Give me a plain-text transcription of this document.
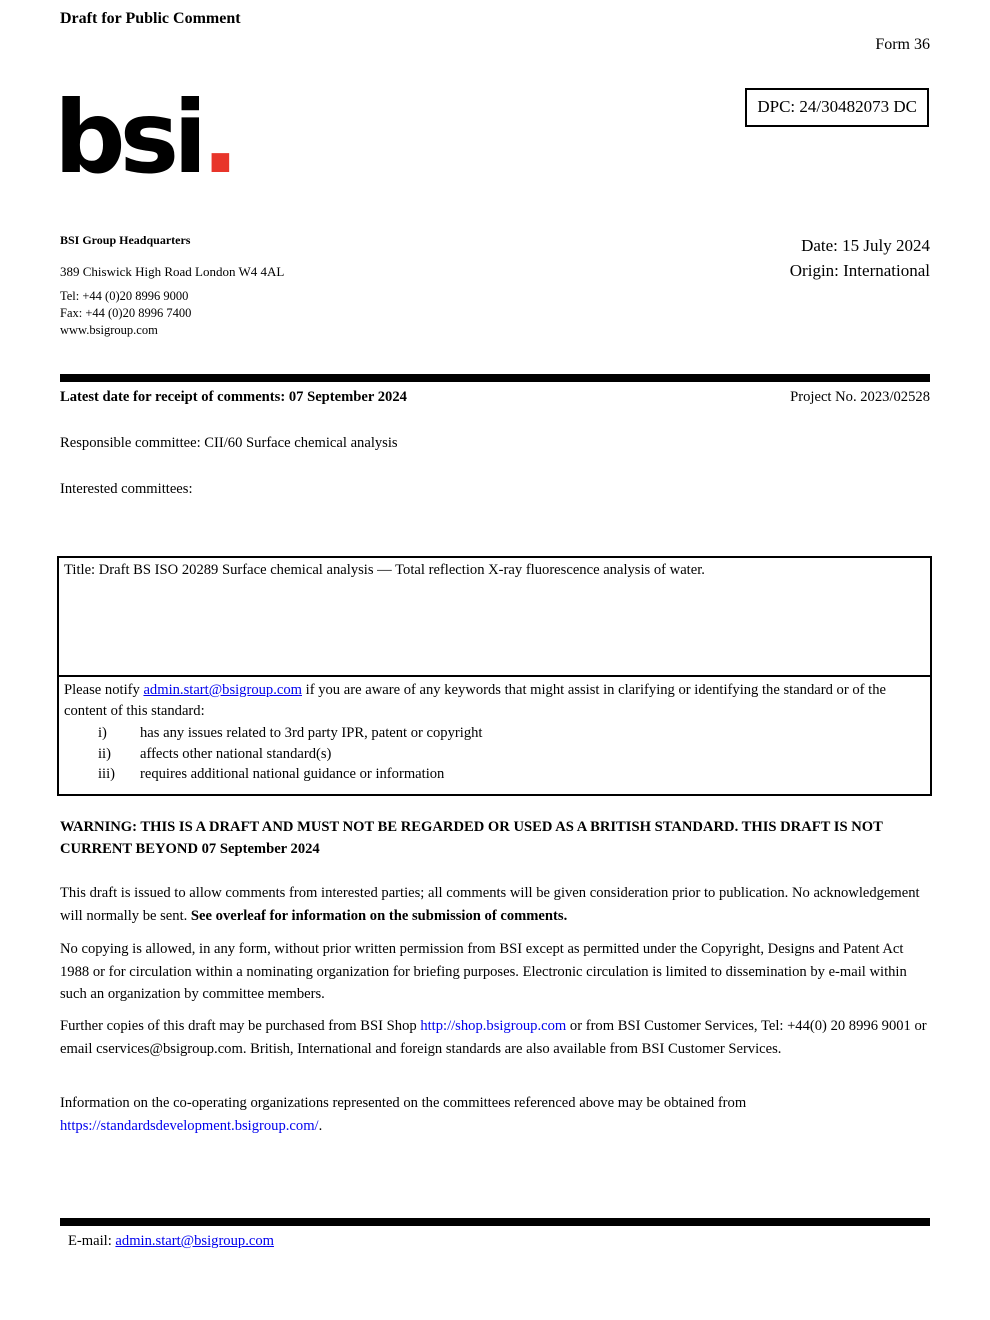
Draft for Public Comment
Form 36
DPC: 24/30482073 DC
bsi.
BSI Group Headquarters
389 Chiswick High Road London W4 4AL
Tel: +44 (0)20 8996 9000
Fax: +44 (0)20 8996 7400
www.bsigroup.com
Date: 15 July 2024
Origin: International
Latest date for receipt of comments: 07 September 2024	Project No. 2023/02528
Responsible committee: CII/60 Surface chemical analysis
Interested committees:
Title: Draft BS ISO 20289 Surface chemical analysis — Total reflection X-ray fluorescence analysis of water.
Please notify admin.start@bsigroup.com if you are aware of any keywords that might assist in clarifying or identifying the standard or of the content of this standard:
i)	has any issues related to 3rd party IPR, patent or copyright
ii)	affects other national standard(s)
iii)	requires additional national guidance or information
WARNING: THIS IS A DRAFT AND MUST NOT BE REGARDED OR USED AS A BRITISH STANDARD. THIS DRAFT IS NOT CURRENT BEYOND 07 September 2024
This draft is issued to allow comments from interested parties; all comments will be given consideration prior to publication. No acknowledgement will normally be sent. See overleaf for information on the submission of comments.
No copying is allowed, in any form, without prior written permission from BSI except as permitted under the Copyright, Designs and Patent Act 1988 or for circulation within a nominating organization for briefing purposes. Electronic circulation is limited to dissemination by e-mail within such an organization by committee members.
Further copies of this draft may be purchased from BSI Shop http://shop.bsigroup.com or from BSI Customer Services, Tel: +44(0) 20 8996 9001 or email cservices@bsigroup.com. British, International and foreign standards are also available from BSI Customer Services.
Information on the co-operating organizations represented on the committees referenced above may be obtained from https://standardsdevelopment.bsigroup.com/.
E-mail: admin.start@bsigroup.com
